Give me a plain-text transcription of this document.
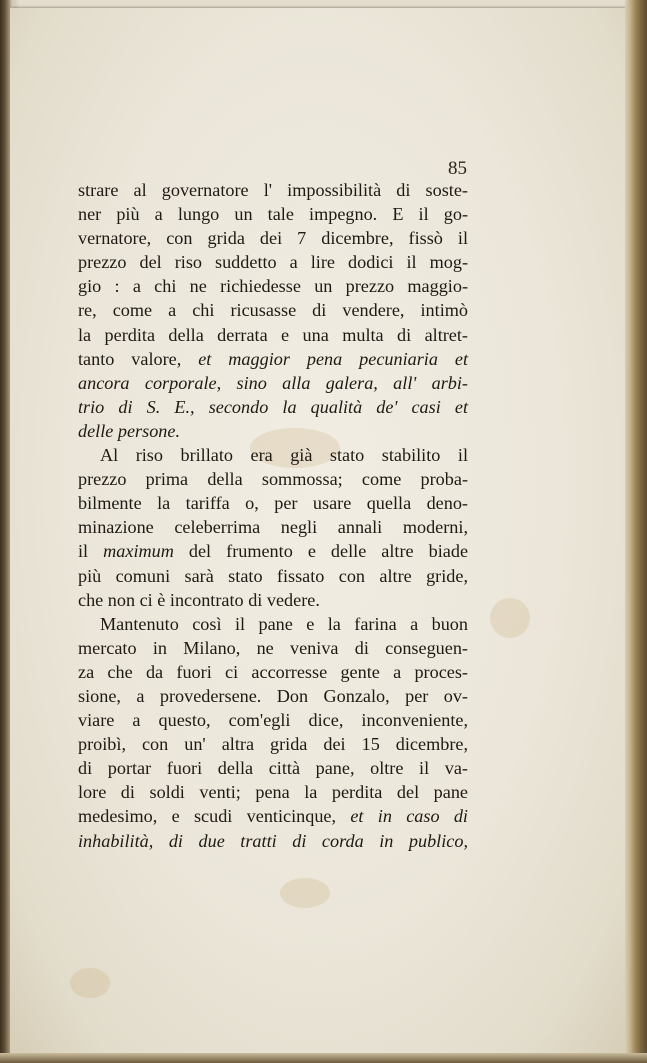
85
strare al governatore l' impossibilità di soste-
ner più a lungo un tale impegno. E il go-
vernatore, con grida dei 7 dicembre, fissò il
prezzo del riso suddetto a lire dodici il mog-
gio : a chi ne richiedesse un prezzo maggio-
re, come a chi ricusasse di vendere, intimò
la perdita della derrata e una multa di altret-
tanto valore, et maggior pena pecuniaria et
ancora corporale, sino alla galera, all' arbi-
trio di S. E., secondo la qualità de' casi et
delle persone.
Al riso brillato era già stato stabilito il
prezzo prima della sommossa; come proba-
bilmente la tariffa o, per usare quella deno-
minazione celeberrima negli annali moderni,
il maximum del frumento e delle altre biade
più comuni sarà stato fissato con altre gride,
che non ci è incontrato di vedere.
Mantenuto così il pane e la farina a buon
mercato in Milano, ne veniva di conseguen-
za che da fuori ci accorresse gente a proces-
sione, a provedersene. Don Gonzalo, per ov-
viare a questo, com'egli dice, inconveniente,
proibì, con un' altra grida dei 15 dicembre,
di portar fuori della città pane, oltre il va-
lore di soldi venti; pena la perdita del pane
medesimo, e scudi venticinque, et in caso di
inhabilità, di due tratti di corda in publico,
